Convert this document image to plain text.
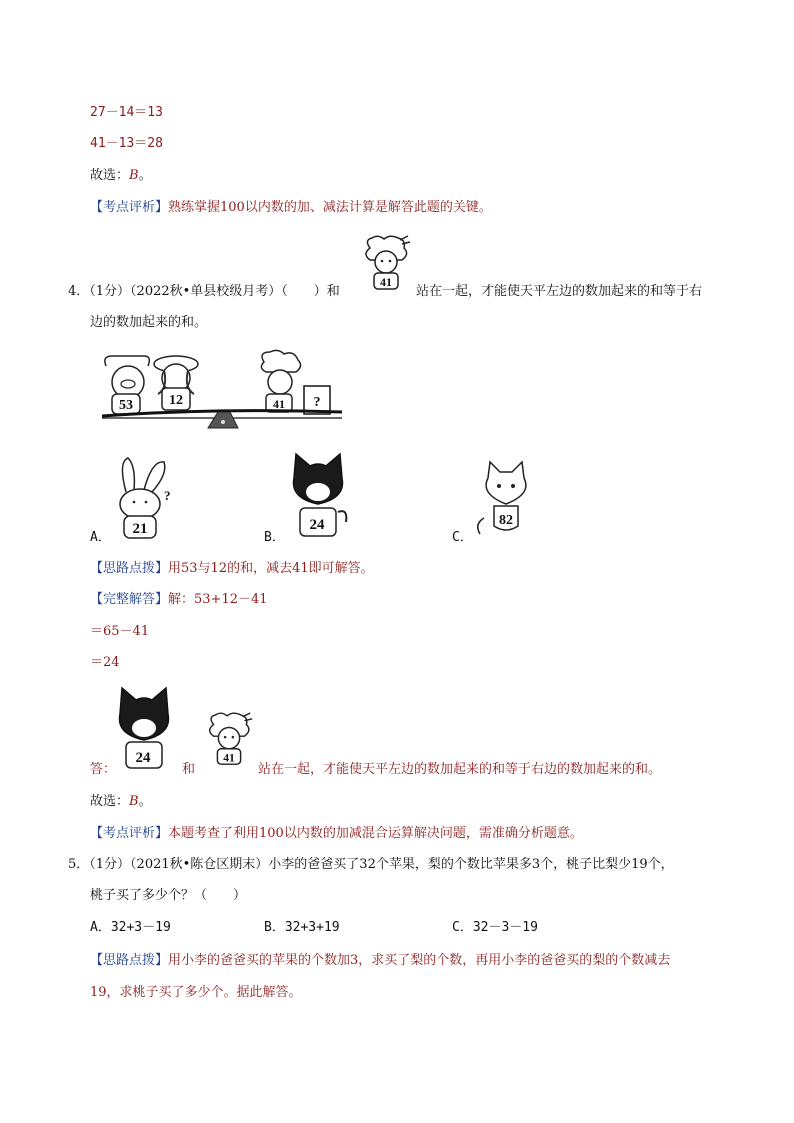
27－14＝13
41－13＝28
故选：B。
【考点评析】熟练掌握100以内数的加、减法计算是解答此题的关键。
41
4．（1分）（2022秋•单县校级月考）（　　）和	站在一起，才能使天平左边的数加起来的和等于右
边的数加起来的和。
53	12	41 ?
A．
?
21
B．
24
C．
82
【思路点拨】用53与12的和，减去41即可解答。
【完整解答】解：53+12－41
＝65－41
＝24
24	41
答：	和	站在一起，才能使天平左边的数加起来的和等于右边的数加起来的和。
故选：B。
【考点评析】本题考查了利用100以内数的加减混合运算解决问题，需准确分析题意。
5．（1分）（2021秋•陈仓区期末）小李的爸爸买了32个苹果，梨的个数比苹果多3个，桃子比梨少19个，
桃子买了多少个？（　　）
A．32+3－19	B．32+3+19	C．32－3－19
【思路点拨】用小李的爸爸买的苹果的个数加3，求买了梨的个数，再用小李的爸爸买的梨的个数减去
19，求桃子买了多少个。据此解答。
